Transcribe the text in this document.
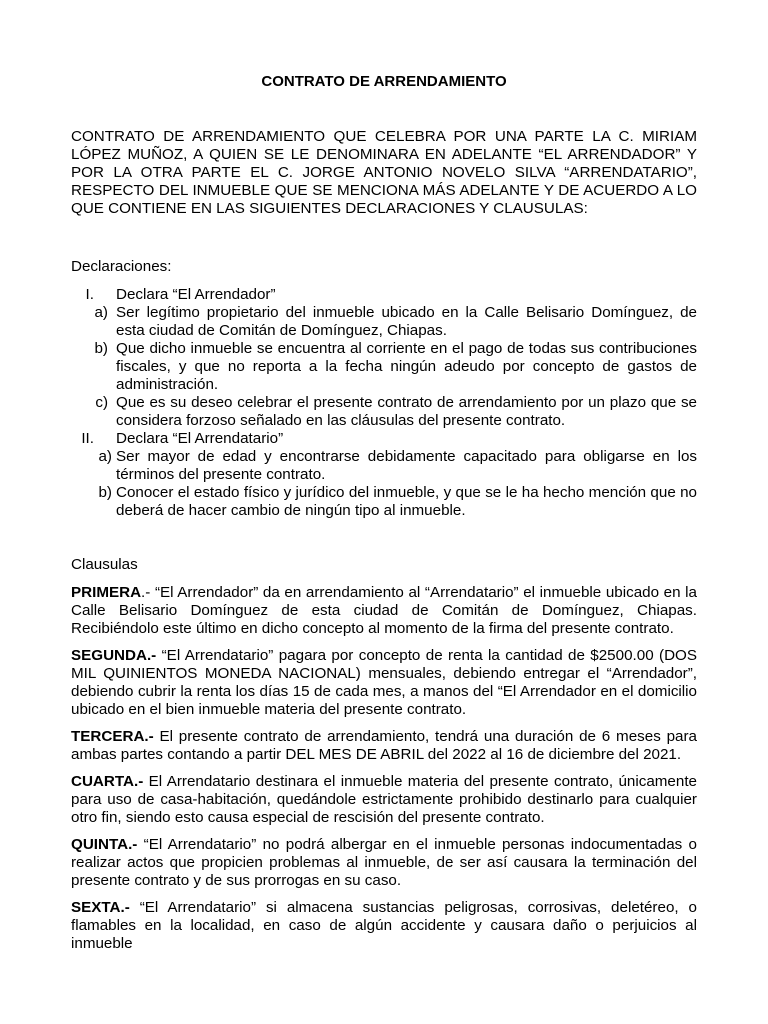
CONTRATO DE ARRENDAMIENTO
CONTRATO DE ARRENDAMIENTO QUE CELEBRA POR UNA PARTE LA C. MIRIAM LÓPEZ MUÑOZ, A QUIEN SE LE DENOMINARA EN ADELANTE “EL ARRENDADOR” Y POR LA OTRA PARTE EL C. JORGE ANTONIO NOVELO SILVA “ARRENDATARIO”, RESPECTO DEL INMUEBLE QUE SE MENCIONA MÁS ADELANTE Y DE ACUERDO A LO QUE CONTIENE EN LAS SIGUIENTES DECLARACIONES Y CLAUSULAS:
Declaraciones:
I. Declara “El Arrendador”
a) Ser legítimo propietario del inmueble ubicado en la Calle Belisario Domínguez, de esta ciudad de Comitán de Domínguez, Chiapas.
b) Que dicho inmueble se encuentra al corriente en el pago de todas sus contribuciones fiscales, y que no reporta a la fecha ningún adeudo por concepto de gastos de administración.
c) Que es su deseo celebrar el presente contrato de arrendamiento por un plazo que se considera forzoso señalado en las cláusulas del presente contrato.
II. Declara “El Arrendatario”
a) Ser mayor de edad y encontrarse debidamente capacitado para obligarse en los términos del presente contrato.
b) Conocer el estado físico y jurídico del inmueble, y que se le ha hecho mención que no deberá de hacer cambio de ningún tipo al inmueble.
Clausulas

PRIMERA.- “El Arrendador” da en arrendamiento al “Arrendatario” el inmueble ubicado en la Calle Belisario Domínguez de esta ciudad de Comitán de Domínguez, Chiapas. Recibiéndolo este último en dicho concepto al momento de la firma del presente contrato.

SEGUNDA.- “El Arrendatario” pagara por concepto de renta la cantidad de $2500.00 (DOS MIL QUINIENTOS MONEDA NACIONAL) mensuales, debiendo entregar el “Arrendador”, debiendo cubrir la renta los días 15 de cada mes, a manos del “El Arrendador en el domicilio ubicado en el bien inmueble materia del presente contrato.

TERCERA.- El presente contrato de arrendamiento, tendrá una duración de 6 meses para ambas partes contando a partir DEL MES DE ABRIL del 2022 al 16 de diciembre del 2021.

CUARTA.- El Arrendatario destinara el inmueble materia del presente contrato, únicamente para uso de casa-habitación, quedándole estrictamente prohibido destinarlo para cualquier otro fin, siendo esto causa especial de rescisión del presente contrato.

QUINTA.- “El Arrendatario” no podrá albergar en el inmueble personas indocumentadas o realizar actos que propicien problemas al inmueble, de ser así causara la terminación del presente contrato y de sus prorrogas en su caso.

SEXTA.- “El Arrendatario” si almacena sustancias peligrosas, corrosivas, deletéreo, o flamables en la localidad, en caso de algún accidente y causara daño o perjuicios al inmueble
